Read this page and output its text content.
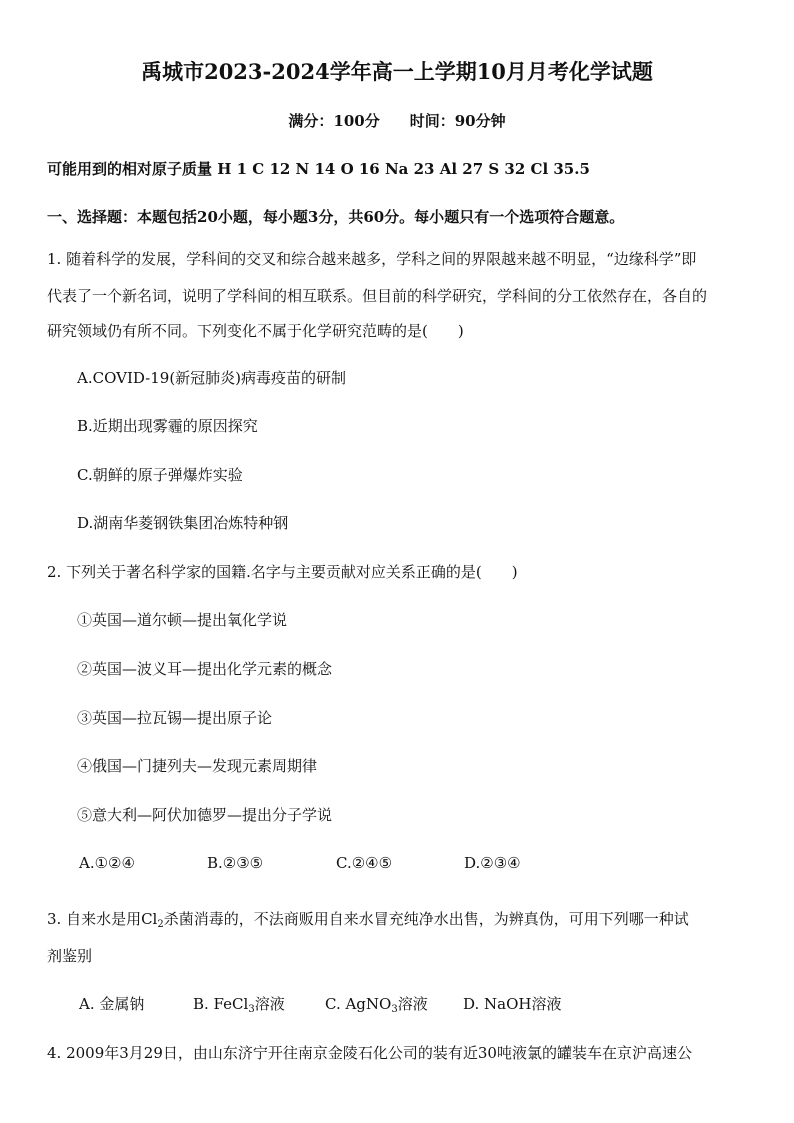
禹城市2023-2024学年高一上学期10月月考化学试题
满分：100分 时间：90分钟
可能用到的相对原子质量 H 1 C 12 N 14 O 16 Na 23 Al 27 S 32 Cl 35.5
一、选择题：本题包括20小题，每小题3分，共60分。每小题只有一个选项符合题意。
1. 随着科学的发展，学科间的交叉和综合越来越多，学科之间的界限越来越不明显，“边缘科学”即
代表了一个新名词，说明了学科间的相互联系。但目前的科学研究，学科间的分工依然存在，各自的
研究领域仍有所不同。下列变化不属于化学研究范畴的是(　　)
A.COVID-19(新冠肺炎)病毒疫苗的研制
B.近期出现雾霾的原因探究
C.朝鲜的原子弹爆炸实验
D.湖南华菱钢铁集团冶炼特种钢
2. 下列关于著名科学家的国籍.名字与主要贡献对应关系正确的是(　　)
①英国—道尔顿—提出氧化学说
②英国—波义耳—提出化学元素的概念
③英国—拉瓦锡—提出原子论
④俄国—门捷列夫—发现元素周期律
⑤意大利—阿伏加德罗—提出分子学说
A.①②④	B.②③⑤	C.②④⑤	D.②③④
3. 自来水是用$Cl_2$杀菌消毒的，不法商贩用自来水冒充纯净水出售，为辨真伪，可用下列哪一种试
剂鉴别
A. 金属钠	B. FeCl$_3$溶液	C. AgNO$_3$溶液 D. NaOH溶液
4. 2009年3月29日，由山东济宁开往南京金陵石化公司的装有近30吨液氯的罐装车在京沪高速公
